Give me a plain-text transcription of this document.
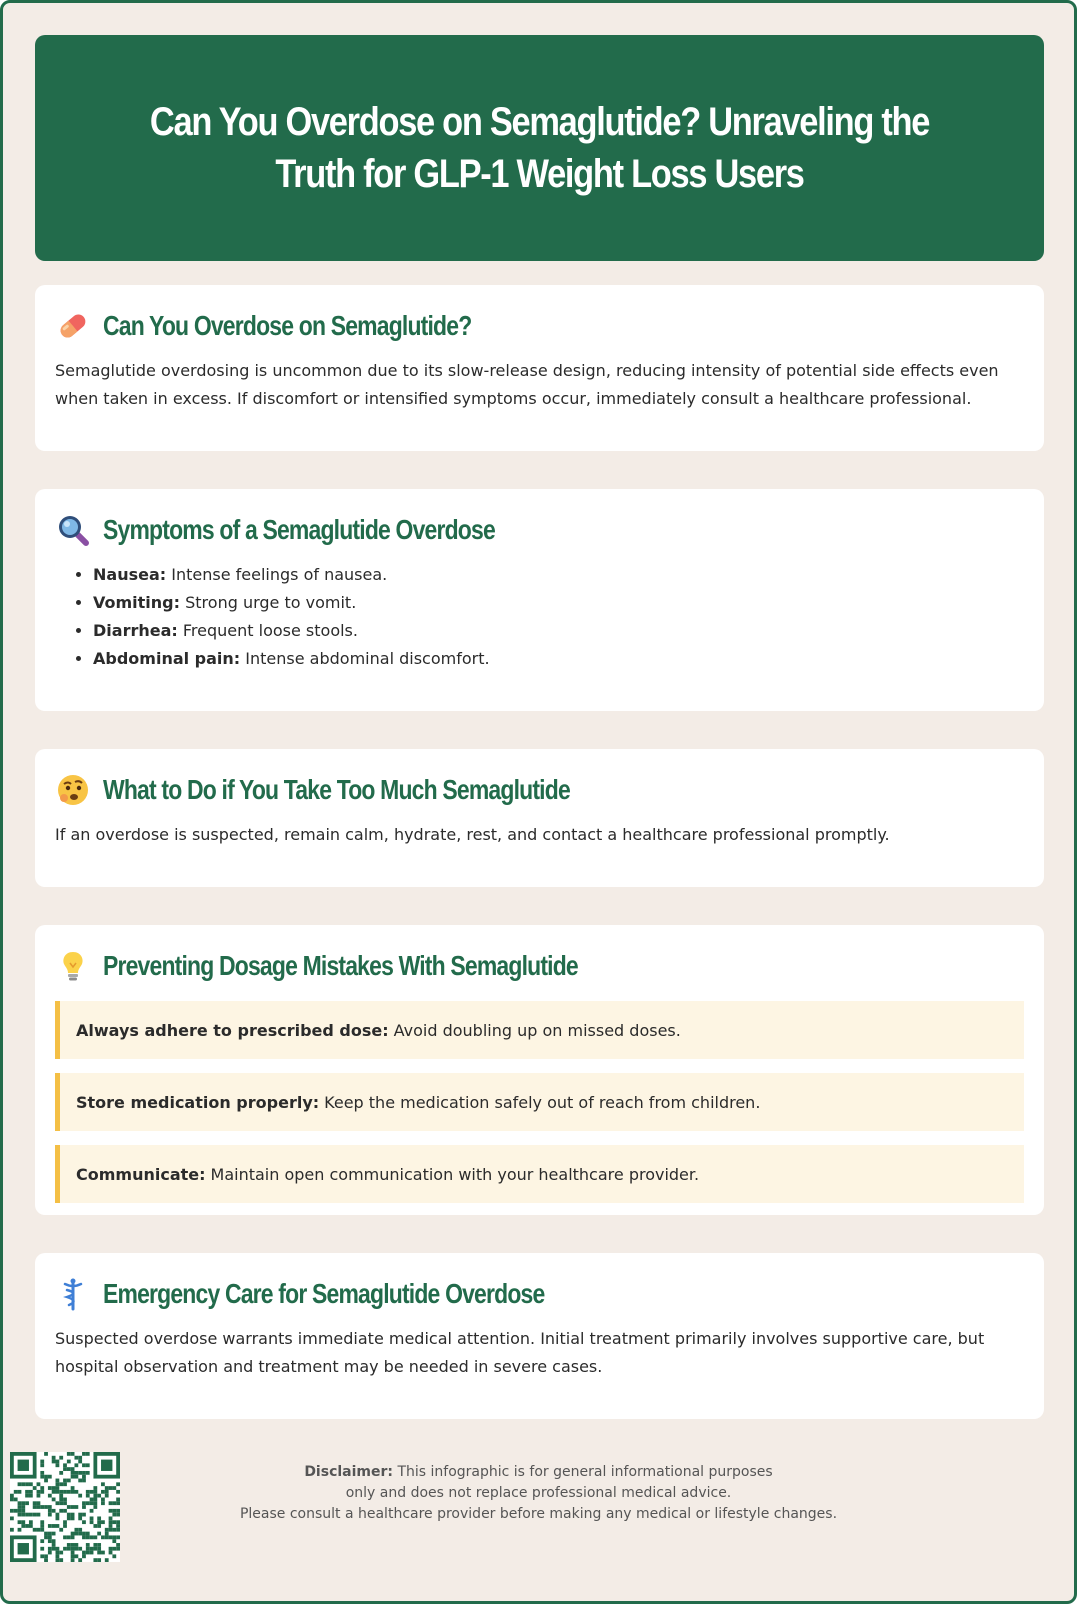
Can You Overdose on Semaglutide? Unraveling the Truth for GLP-1 Weight Loss Users
Can You Overdose on Semaglutide?

Semaglutide overdosing is uncommon due to its slow-release design, reducing intensity of potential side effects even when taken in excess. If discomfort or intensified symptoms occur, immediately consult a healthcare professional.

Symptoms of a Semaglutide Overdose
• Nausea: Intense feelings of nausea.
• Vomiting: Strong urge to vomit.
• Diarrhea: Frequent loose stools.
• Abdominal pain: Intense abdominal discomfort.
What to Do if You Take Too Much Semaglutide

If an overdose is suspected, remain calm, hydrate, rest, and contact a healthcare professional promptly.

Preventing Dosage Mistakes With Semaglutide
Always adhere to prescribed dose: Avoid doubling up on missed doses.
Store medication properly: Keep the medication safely out of reach from children.
Communicate: Maintain open communication with your healthcare provider.
Emergency Care for Semaglutide Overdose

Suspected overdose warrants immediate medical attention. Initial treatment primarily involves supportive care, but hospital observation and treatment may be needed in severe cases.

Disclaimer: This infographic is for general informational purposes
only and does not replace professional medical advice.
Please consult a healthcare provider before making any medical or lifestyle changes.
